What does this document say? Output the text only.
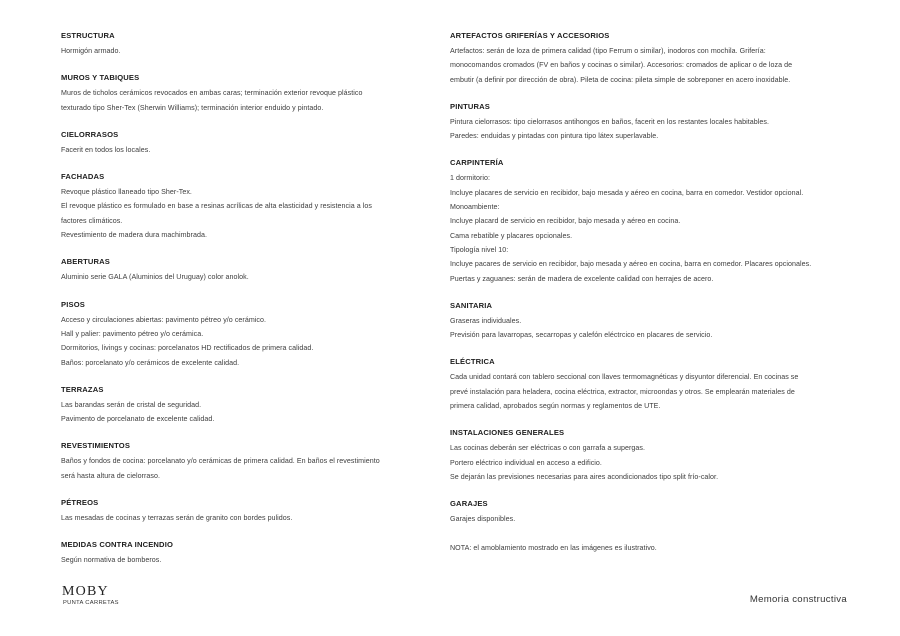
ESTRUCTURA
Hormigón armado.
MUROS Y TABIQUES
Muros de ticholos cerámicos revocados en ambas caras; terminación exterior revoque plástico
texturado tipo Sher-Tex (Sherwin Williams); terminación interior enduido y pintado.
CIELORRASOS
Facerit en todos los locales.
FACHADAS
Revoque plástico llaneado tipo Sher-Tex.
El revoque plástico es formulado en base a resinas acrílicas de alta elasticidad y resistencia a los
factores climáticos.
Revestimiento de madera dura machimbrada.
ABERTURAS
Aluminio serie GALA (Aluminios del Uruguay) color anolok.
PISOS
Acceso y circulaciones abiertas: pavimento pétreo y/o cerámico.
Hall y palier: pavimento pétreo y/o cerámica.
Dormitorios, livings y cocinas: porcelanatos HD rectificados de primera calidad.
Baños: porcelanato y/o cerámicos de excelente calidad.
TERRAZAS
Las barandas serán de cristal de seguridad.
Pavimento de porcelanato de excelente calidad.
REVESTIMIENTOS
Baños y fondos de cocina: porcelanato y/o cerámicas de primera calidad. En baños el revestimiento
será hasta altura de cielorraso.
PÉTREOS
Las mesadas de cocinas y terrazas serán de granito con bordes pulidos.
MEDIDAS CONTRA INCENDIO
Según normativa de bomberos.
ARTEFACTOS GRIFERÍAS Y ACCESORIOS
Artefactos: serán de loza de primera calidad (tipo Ferrum o similar), inodoros con mochila. Grifería:
monocomandos cromados (FV en baños y cocinas o similar). Accesorios: cromados de aplicar o de loza de
embutir (a definir por dirección de obra). Pileta de cocina: pileta simple de sobreponer en acero inoxidable.
PINTURAS
Pintura cielorrasos: tipo cielorrasos antihongos en baños, facerit en los restantes locales habitables.
Paredes: enduidas y pintadas con pintura tipo látex superlavable.
CARPINTERÍA
1 dormitorio:
Incluye placares de servicio en recibidor, bajo mesada y aéreo en cocina, barra en comedor. Vestidor opcional.
Monoambiente:
Incluye placard de servicio en recibidor, bajo mesada y aéreo en cocina.
Cama rebatible y placares opcionales.
Tipología nivel 10:
Incluye pacares de servicio en recibidor, bajo mesada y aéreo en cocina, barra en comedor. Placares opcionales.
Puertas y zaguanes: serán de madera de excelente calidad con herrajes de acero.
SANITARIA
Graseras individuales.
Previsión para lavarropas, secarropas y calefón eléctrcico en placares de servicio.
ELÉCTRICA
Cada unidad contará con tablero seccional con llaves termomagnéticas y disyuntor diferencial. En cocinas se
prevé instalación para heladera, cocina eléctrica, extractor, microondas y otros. Se emplearán materiales de
primera calidad, aprobados según normas y reglamentos de UTE.
INSTALACIONES GENERALES
Las cocinas deberán ser eléctricas o con garrafa a supergas.
Portero eléctrico individual en acceso a edificio.
Se dejarán las previsiones necesarias para aires acondicionados tipo split frío-calor.
GARAJES
Garajes disponibles.
NOTA: el amoblamiento mostrado en las imágenes es ilustrativo.
MOBY
PUNTA CARRETAS	Memoria constructiva
